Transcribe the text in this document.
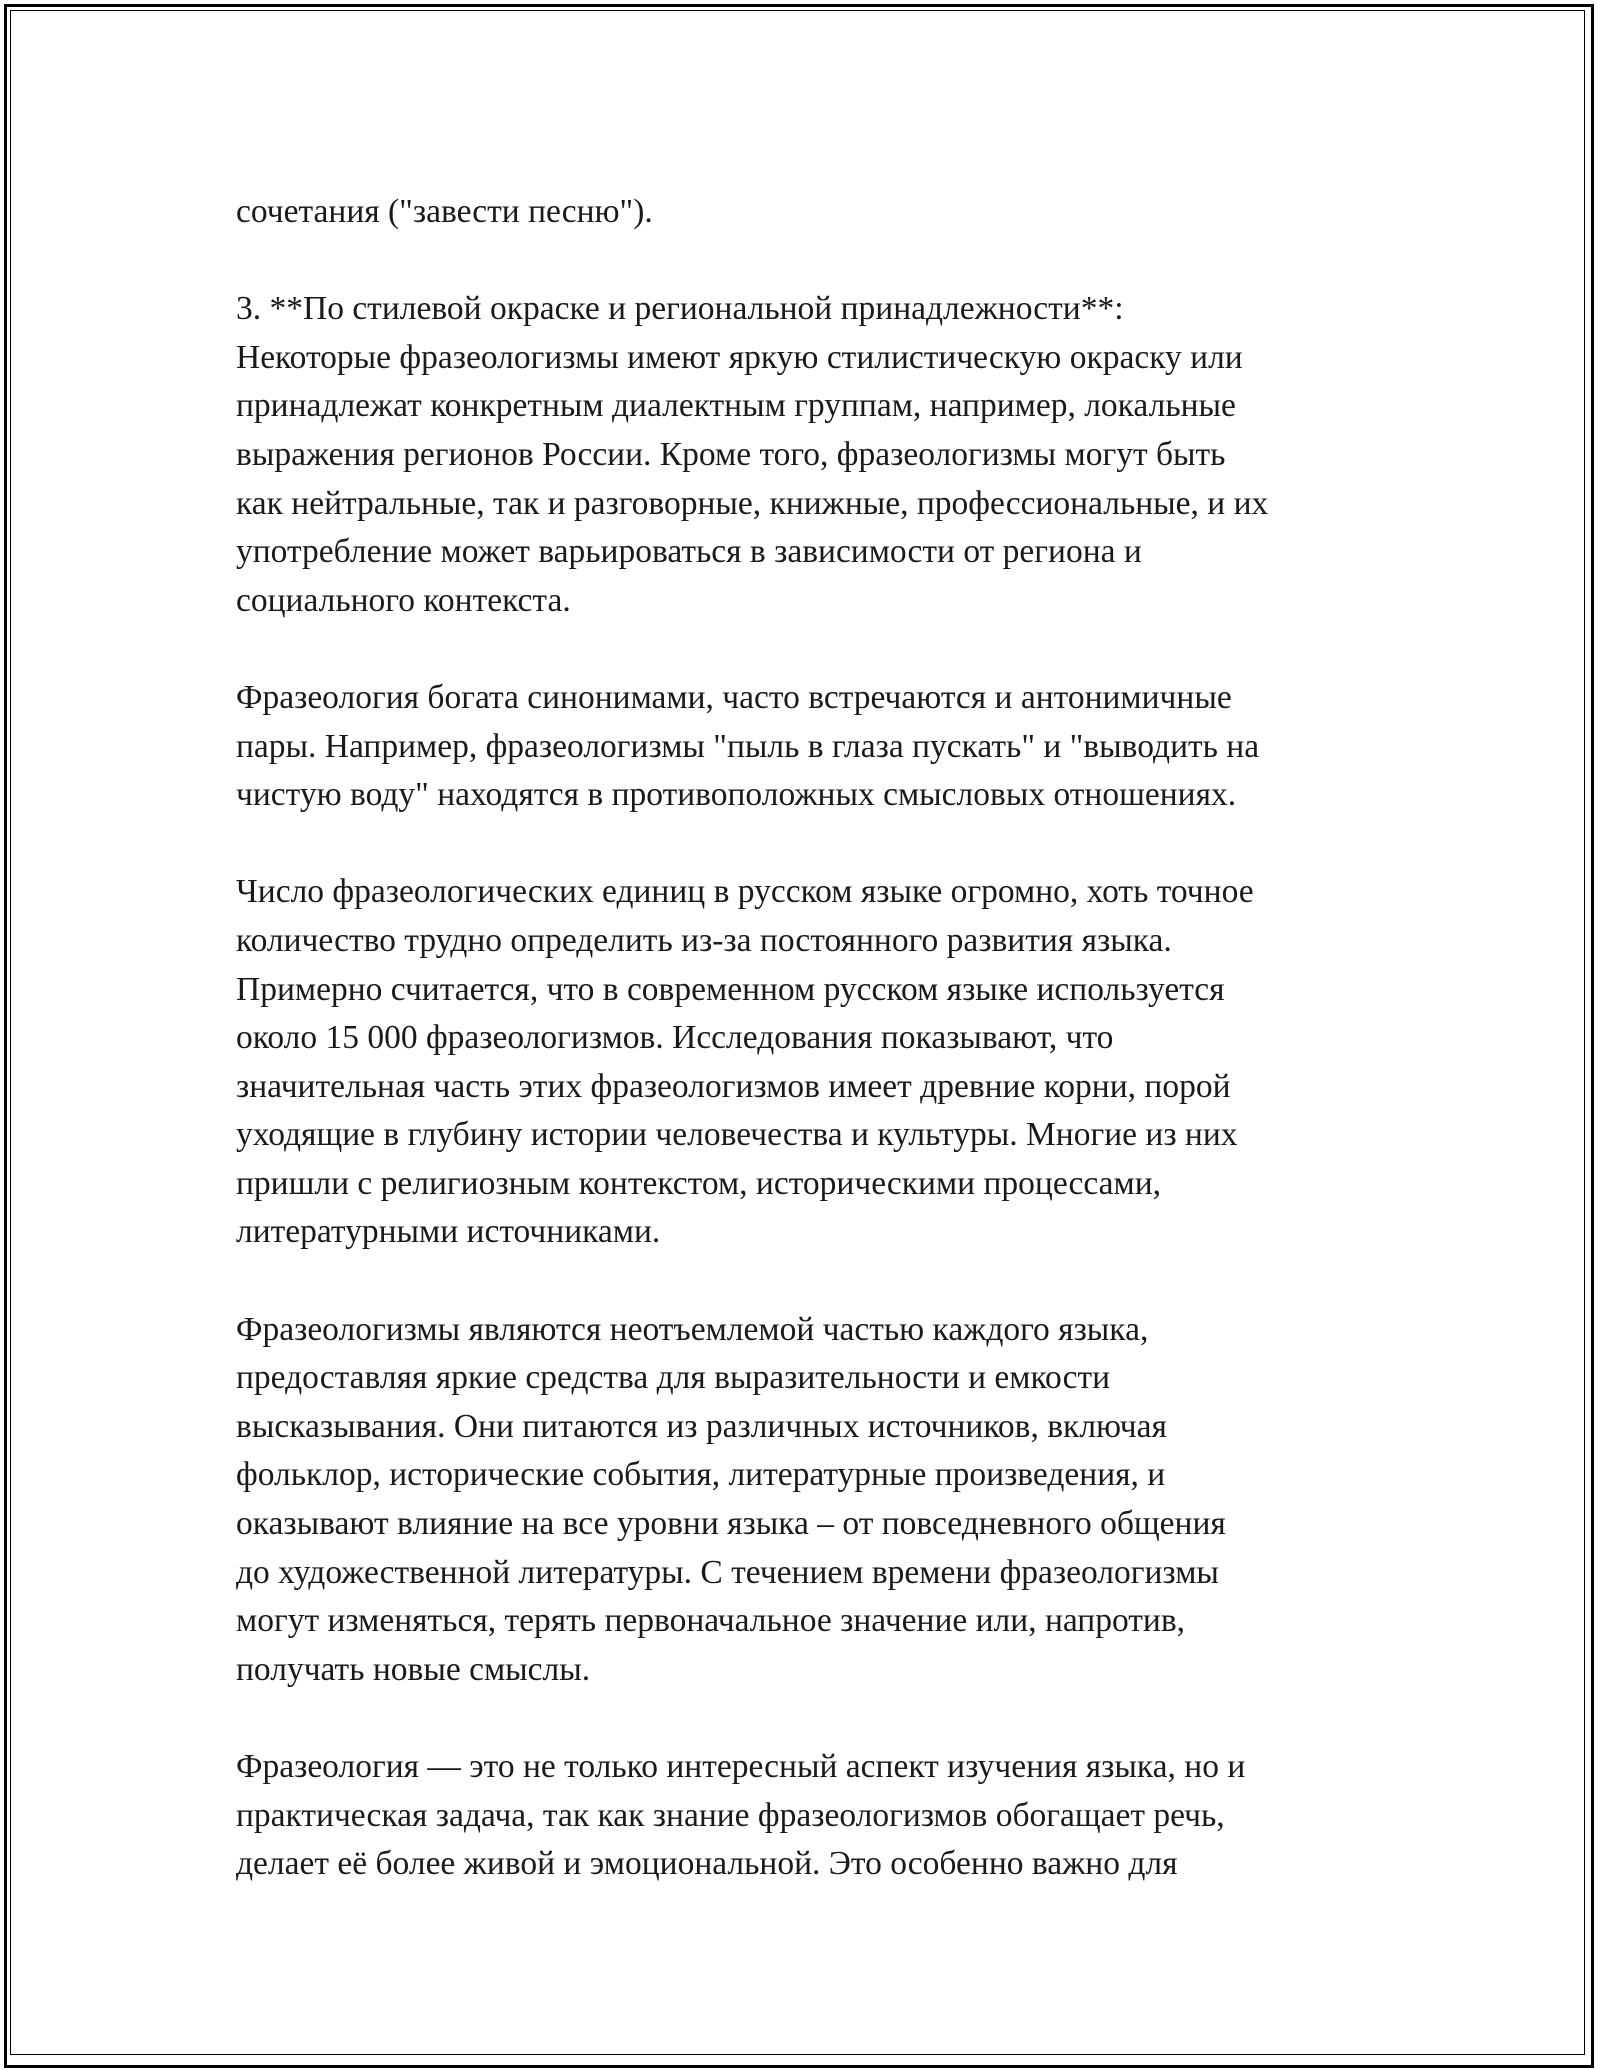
сочетания ("завести песню").

3. **По стилевой окраске и региональной принадлежности**:
Некоторые фразеологизмы имеют яркую стилистическую окраску или
принадлежат конкретным диалектным группам, например, локальные
выражения регионов России. Кроме того, фразеологизмы могут быть
как нейтральные, так и разговорные, книжные, профессиональные, и их
употребление может варьироваться в зависимости от региона и
социального контекста.

Фразеология богата синонимами, часто встречаются и антонимичные
пары. Например, фразеологизмы "пыль в глаза пускать" и "выводить на
чистую воду" находятся в противоположных смысловых отношениях.

Число фразеологических единиц в русском языке огромно, хоть точное
количество трудно определить из-за постоянного развития языка.
Примерно считается, что в современном русском языке используется
около 15 000 фразеологизмов. Исследования показывают, что
значительная часть этих фразеологизмов имеет древние корни, порой
уходящие в глубину истории человечества и культуры. Многие из них
пришли с религиозным контекстом, историческими процессами,
литературными источниками.

Фразеологизмы являются неотъемлемой частью каждого языка,
предоставляя яркие средства для выразительности и емкости
высказывания. Они питаются из различных источников, включая
фольклор, исторические события, литературные произведения, и
оказывают влияние на все уровни языка – от повседневного общения
до художественной литературы. С течением времени фразеологизмы
могут изменяться, терять первоначальное значение или, напротив,
получать новые смыслы.

Фразеология — это не только интересный аспект изучения языка, но и
практическая задача, так как знание фразеологизмов обогащает речь,
делает её более живой и эмоциональной. Это особенно важно для
